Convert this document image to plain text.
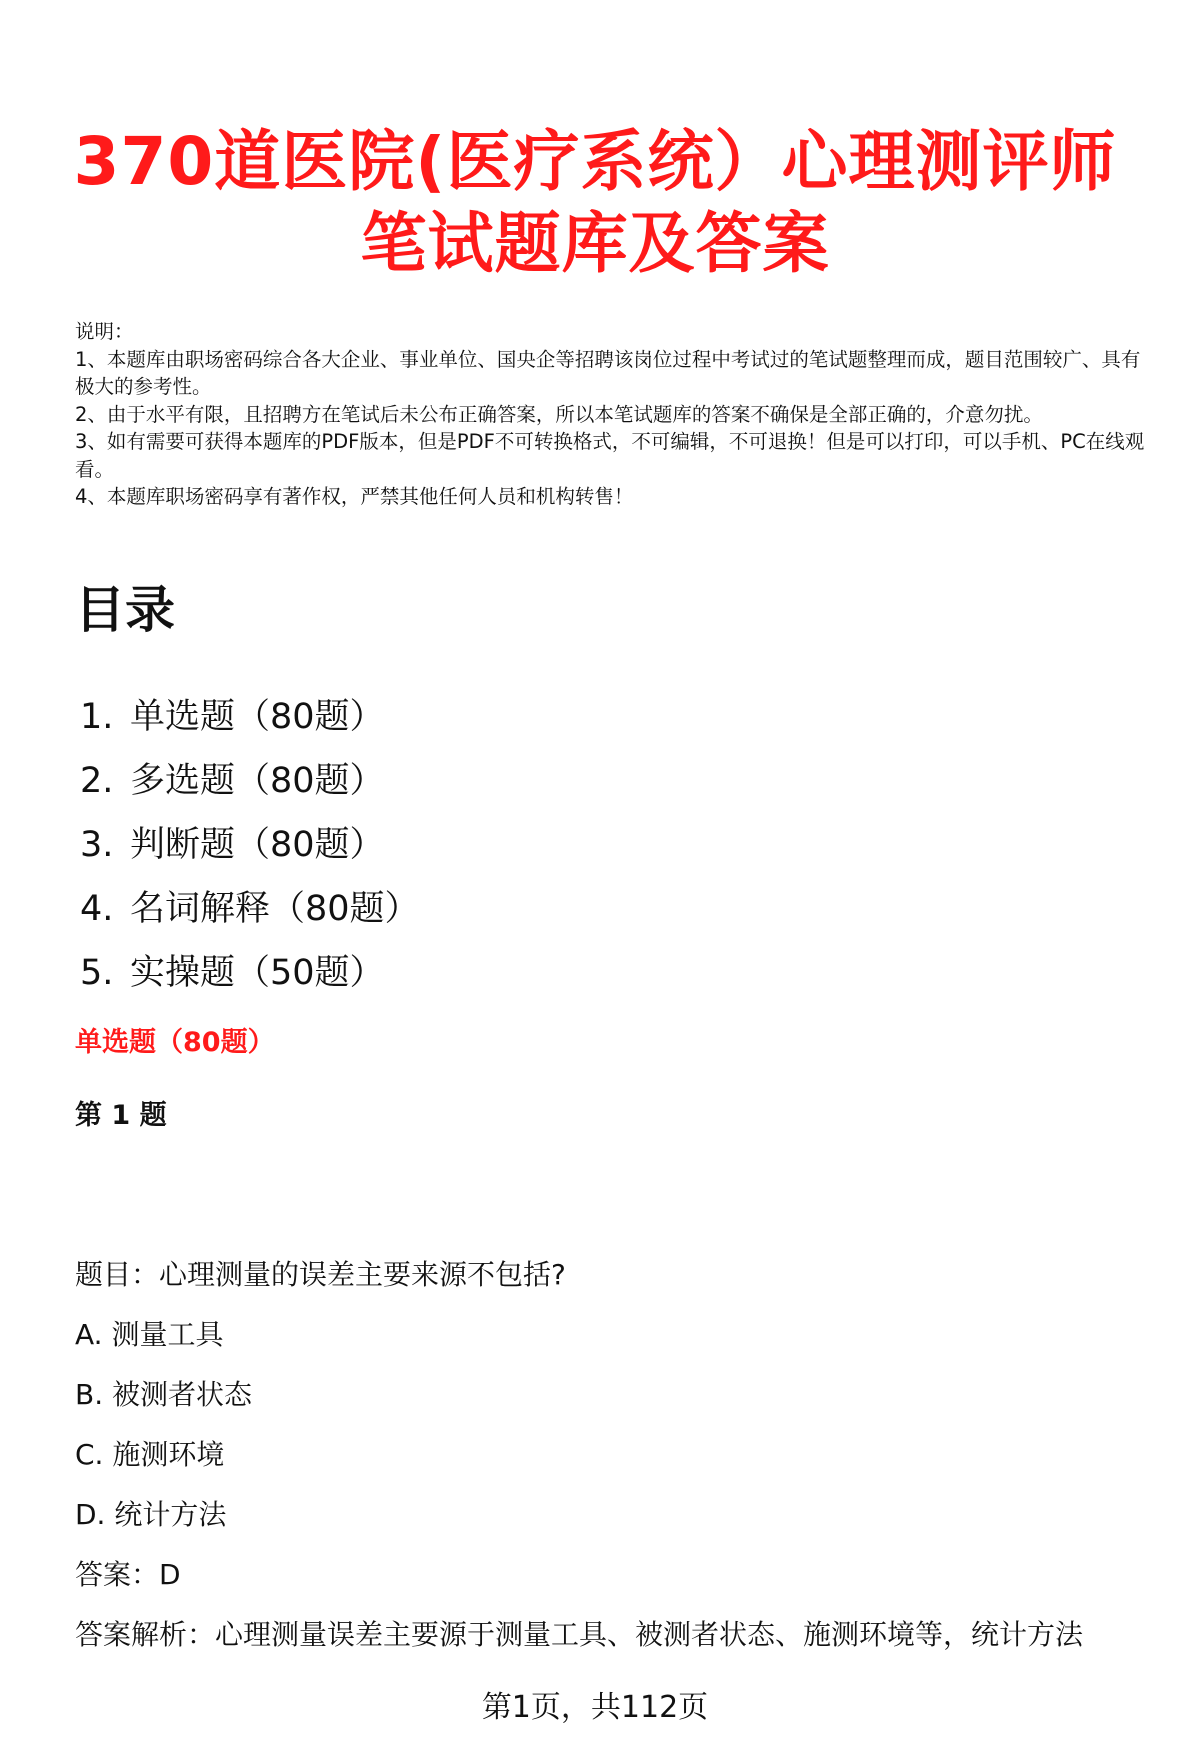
370道医院(医疗系统）心理测评师
笔试题库及答案
说明：
1、本题库由职场密码综合各大企业、事业单位、国央企等招聘该岗位过程中考试过的笔试题整理而成，题目范围较广、具有极大的参考性。
2、由于水平有限，且招聘方在笔试后未公布正确答案，所以本笔试题库的答案不确保是全部正确的，介意勿扰。
3、如有需要可获得本题库的PDF版本，但是PDF不可转换格式，不可编辑，不可退换！但是可以打印，可以手机、PC在线观看。
4、本题库职场密码享有著作权，严禁其他任何人员和机构转售！
目录
1. 单选题（80题）
2. 多选题（80题）
3. 判断题（80题）
4. 名词解释（80题）
5. 实操题（50题）
单选题（80题）
第 1 题
题目：心理测量的误差主要来源不包括?
A. 测量工具
B. 被测者状态
C. 施测环境
D. 统计方法
答案：D
答案解析：心理测量误差主要源于测量工具、被测者状态、施测环境等，统计方法
第1页，共112页
